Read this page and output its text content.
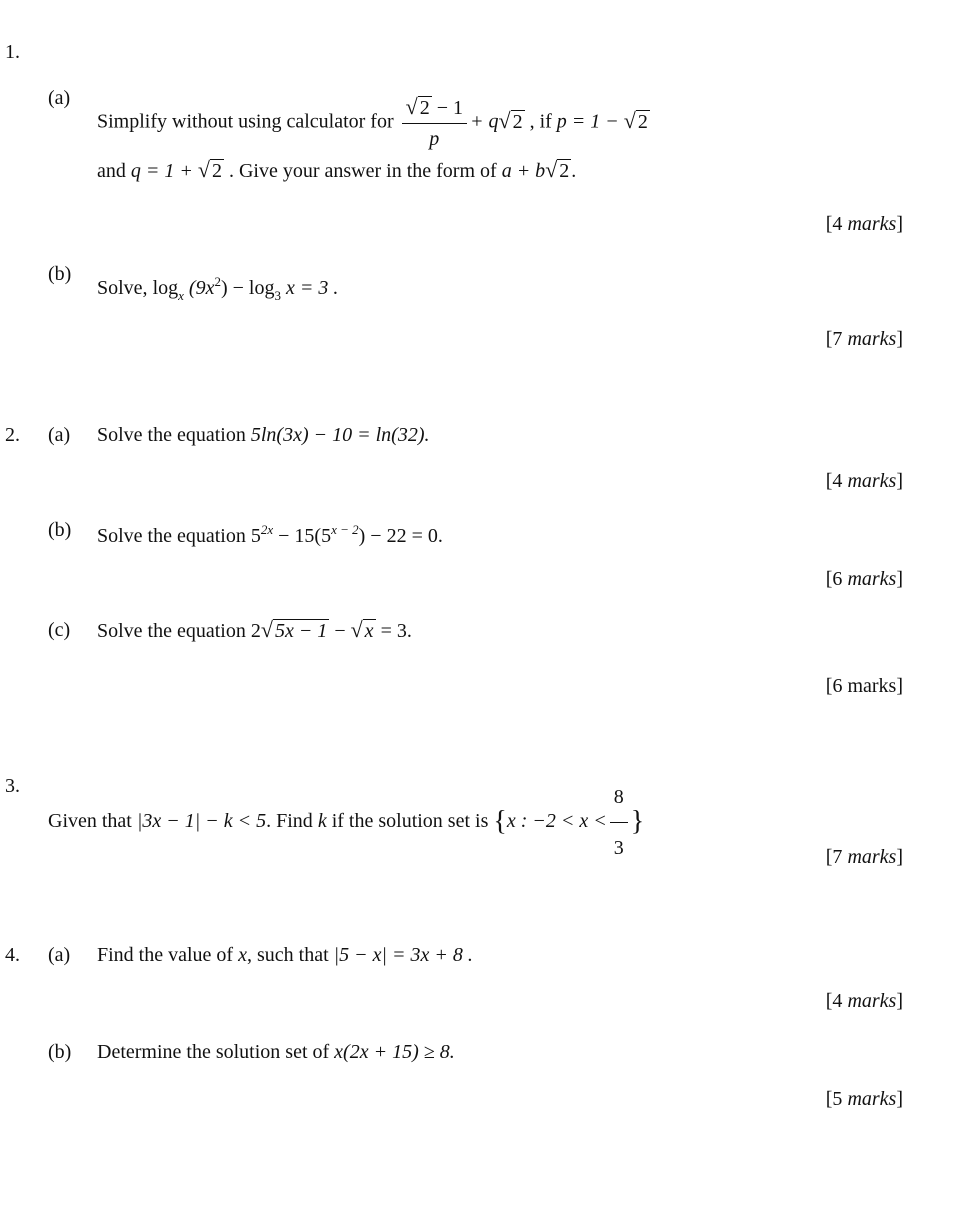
1.
(a)
Simplify without using calculator for $\frac{√ 2 - 1}{p} + q√$ 2 , if p = 1 − √ 2
and q = 1 + √ 2 . Give your answer in the form of a + b√ 2 .
[4 marks]
(b)
Solve, $\log_x (9x^2) - \log_3 x = 3$ .
[7 marks]
2. (a) Solve the equation 5ln(3x) − 10 = ln(32).
[4 marks]
(b) Solve the equation $5^{2x} - 15(5^{x - 2}) - 22 = 0$.
[6 marks]
(c) Solve the equation 2√ 5x − 1 − √ x = 3.
[6 marks]
3.
Given that |3x − 1| − k < 5. Find k if the solution set is {x : $-2 < x < \frac{8}{3}$ }
[7 marks]
4. (a) Find the value of x, such that |5 − x| = 3x + 8 .
[4 marks]
(b) Determine the solution set of x(2x + 15) ≥ 8.
[5 marks]
